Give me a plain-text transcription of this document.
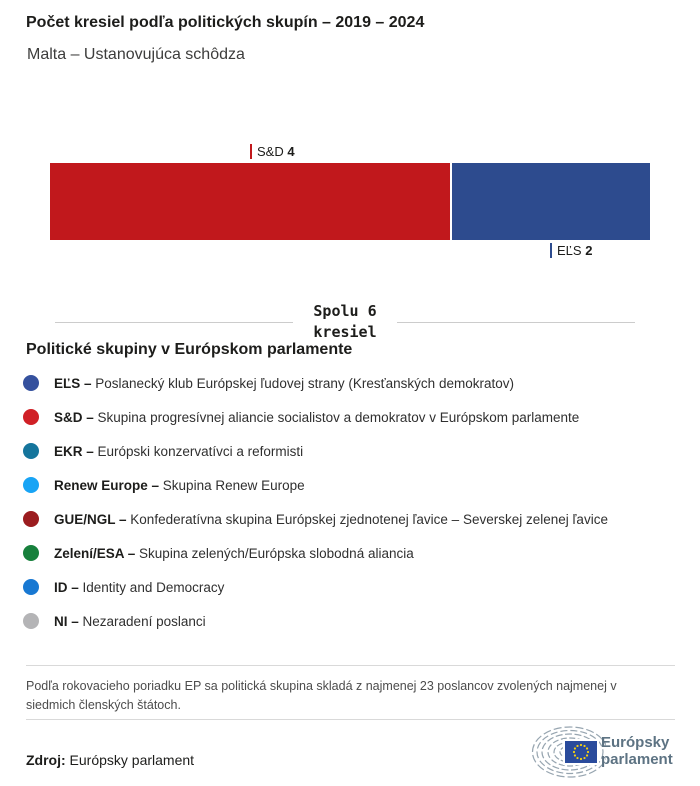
Počet kresiel podľa politických skupín – 2019 – 2024
Malta – Ustanovujúca schôdza
$^{S\&D 4}$
$^{EĽS 2}$
Spolu 6
kresiel
Politické skupiny v Európskom parlamente
EĽS – Poslanecký klub Európskej ľudovej strany (Kresťanských demokratov)
S&D – Skupina progresívnej aliancie socialistov a demokratov v Európskom parlamente
EKR – Európski konzervatívci a reformisti
Renew Europe – Skupina Renew Europe
GUE/NGL – Konfederatívna skupina Európskej zjednotenej ľavice – Severskej zelenej ľavice
Zelení/ESA – Skupina zelených/Európska slobodná aliancia
ID – Identity and Democracy
NI – Nezaradení poslanci
Podľa rokovacieho poriadku EP sa politická skupina skladá z najmenej 23 poslancov zvolených najmenej v siedmich členských štátoch.
Zdroj: Európsky parlament
Európsky
parlament
